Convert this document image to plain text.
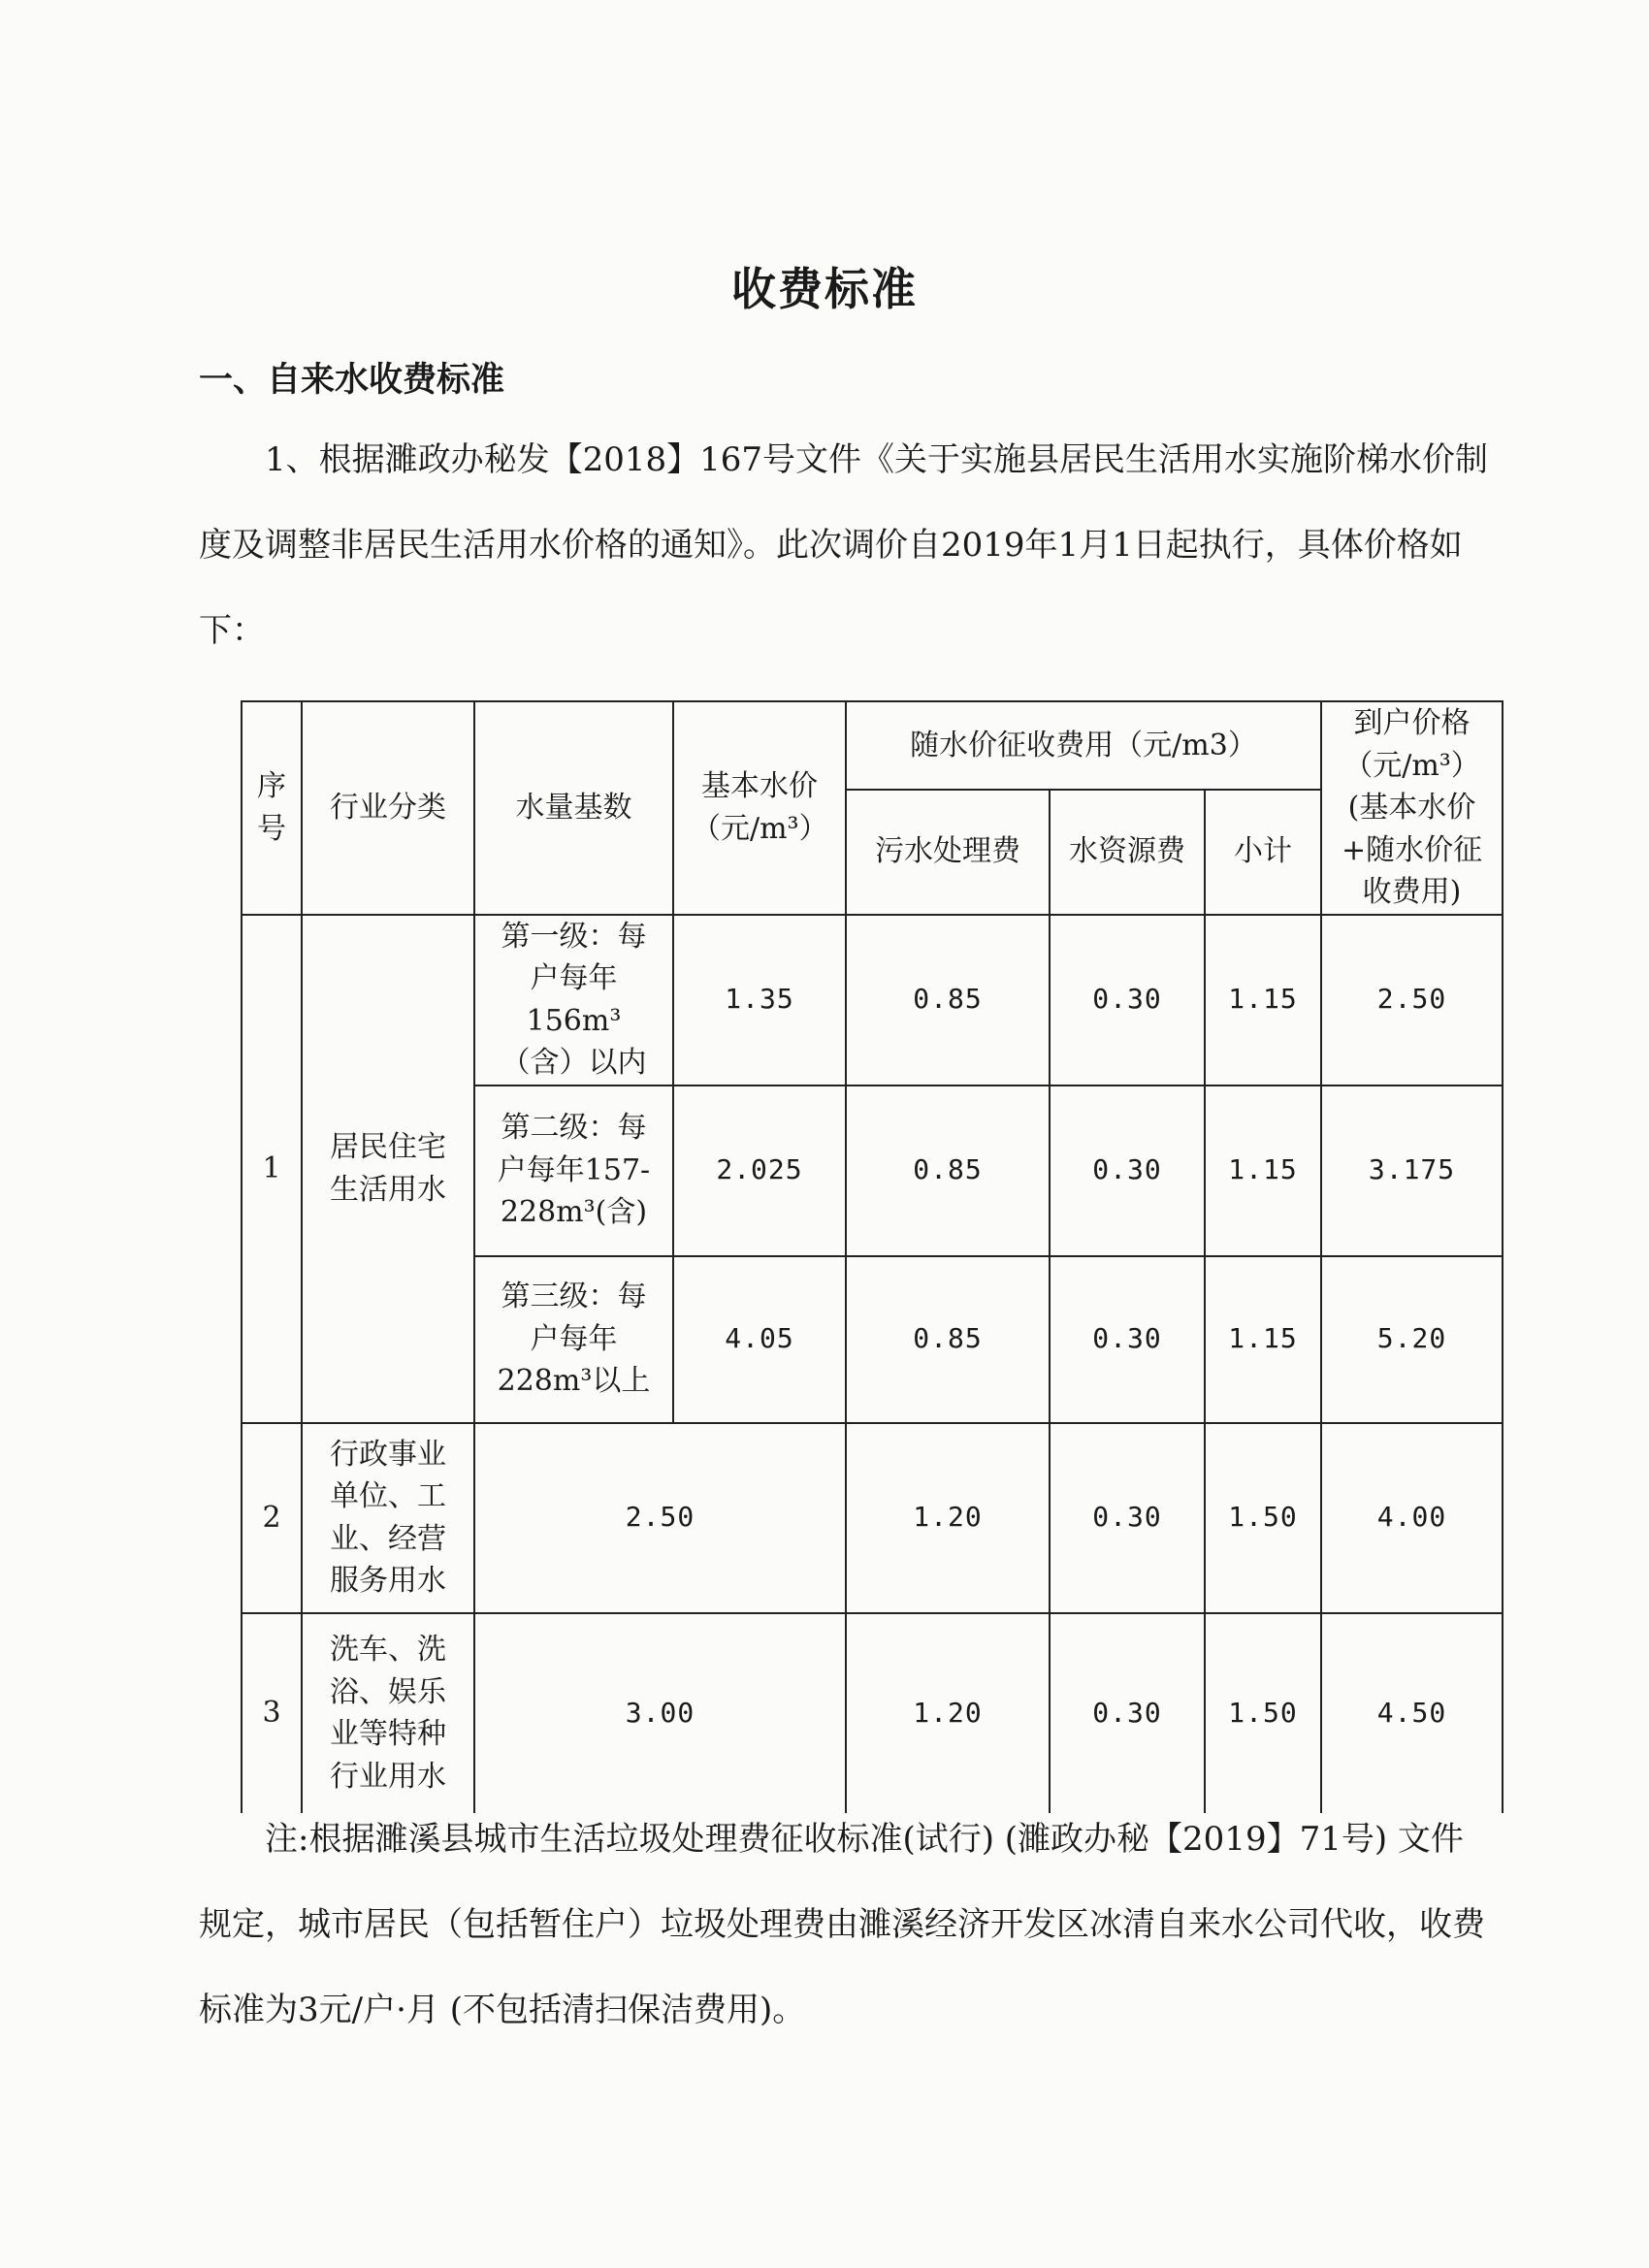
收费标准
一、自来水收费标准

1、根据濉政办秘发【2018】167号文件《关于实施县居民生活用水实施阶梯水价制度及调整非居民生活用水价格的通知》。此次调价自2019年1月1日起执行，具体价格如下：

序号	行业分类	水量基数	基本水价（元/m³）	随水价征收费用（元/m3）			到户价格（元/m³）(基本水价+随水价征收费用)
				污水处理费	水资源费	小计	
1	居民住宅生活用水	第一级：每户每年156m³（含）以内	1.35	0.85	0.30	1.15	2.50
		第二级：每户每年157-228m³(含)	2.025	0.85	0.30	1.15	3.175
		第三级：每户每年228m³以上	4.05	0.85	0.30	1.15	5.20
2	行政事业单位、工业、经营服务用水	2.50		1.20	0.30	1.50	4.00
3	洗车、洗浴、娱乐业等特种行业用水	3.00		1.20	0.30	1.50	4.50

注:根据濉溪县城市生活垃圾处理费征收标准(试行) (濉政办秘【2019】71号) 文件规定，城市居民（包括暂住户）垃圾处理费由濉溪经济开发区冰清自来水公司代收，收费标准为3元/户·月 (不包括清扫保洁费用)。
